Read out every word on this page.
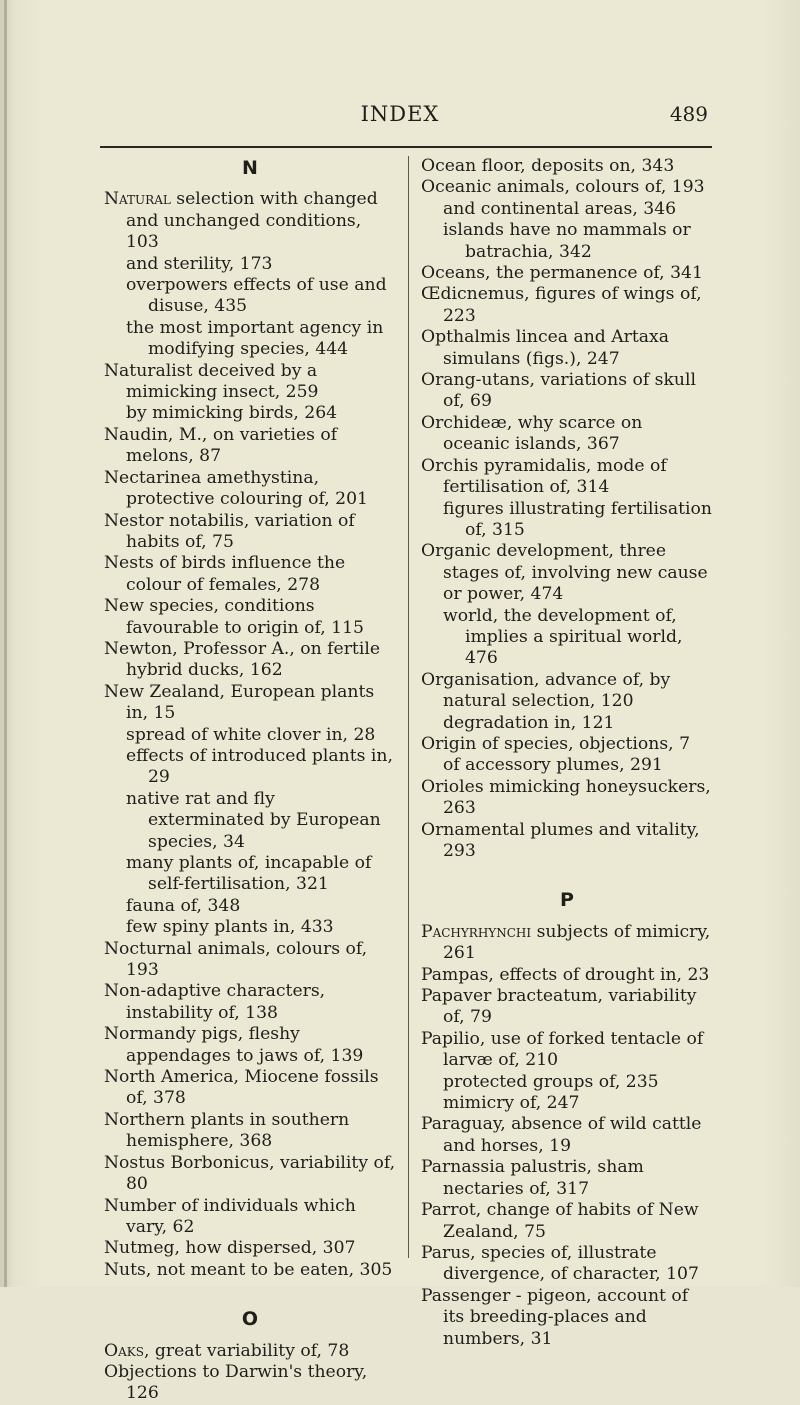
INDEX	489
N
Natural selection with changed and unchanged conditions, 103
and sterility, 173
overpowers effects of use and disuse, 435
the most important agency in modifying species, 444
Naturalist deceived by a mimicking insect, 259
by mimicking birds, 264
Naudin, M., on varieties of melons, 87
Nectarinea amethystina, protective colouring of, 201
Nestor notabilis, variation of habits of, 75
Nests of birds influence the colour of females, 278
New species, conditions favourable to origin of, 115
Newton, Professor A., on fertile hybrid ducks, 162
New Zealand, European plants in, 15
spread of white clover in, 28
effects of introduced plants in, 29
native rat and fly exterminated by European species, 34
many plants of, incapable of self-fertilisation, 321
fauna of, 348
few spiny plants in, 433
Nocturnal animals, colours of, 193
Non-adaptive characters, instability of, 138
Normandy pigs, fleshy appendages to jaws of, 139
North America, Miocene fossils of, 378
Northern plants in southern hemisphere, 368
Nostus Borbonicus, variability of, 80
Number of individuals which vary, 62
Nutmeg, how dispersed, 307
Nuts, not meant to be eaten, 305
O
Oaks, great variability of, 78
Objections to Darwin's theory, 126
Ocean floor, deposits on, 343
Oceanic animals, colours of, 193
and continental areas, 346
islands have no mammals or batrachia, 342
Oceans, the permanence of, 341
Œdicnemus, figures of wings of, 223
Opthalmis lincea and Artaxa simulans (figs.), 247
Orang-utans, variations of skull of, 69
Orchideæ, why scarce on oceanic islands, 367
Orchis pyramidalis, mode of fertilisation of, 314
figures illustrating fertilisation of, 315
Organic development, three stages of, involving new cause or power, 474
world, the development of, implies a spiritual world, 476
Organisation, advance of, by natural selection, 120
degradation in, 121
Origin of species, objections, 7
of accessory plumes, 291
Orioles mimicking honeysuckers, 263
Ornamental plumes and vitality, 293
P
Pachyrhynchi subjects of mimicry, 261
Pampas, effects of drought in, 23
Papaver bracteatum, variability of, 79
Papilio, use of forked tentacle of larvæ of, 210
protected groups of, 235
mimicry of, 247
Paraguay, absence of wild cattle and horses, 19
Parnassia palustris, sham nectaries of, 317
Parrot, change of habits of New Zealand, 75
Parus, species of, illustrate divergence, of character, 107
Passenger - pigeon, account of its breeding-places and numbers, 31
